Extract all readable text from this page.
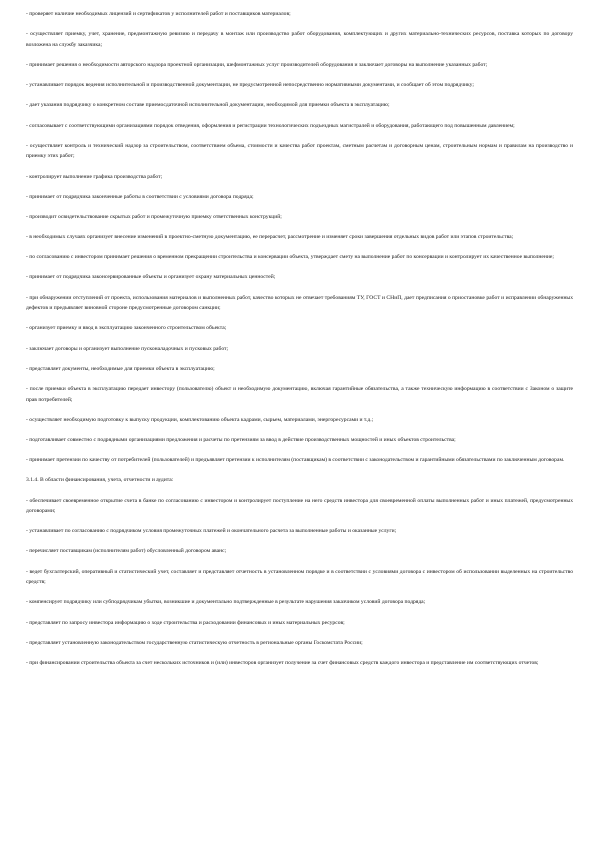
- проверяет наличие необходимых лицензий и сертификатов у исполнителей работ и поставщиков материалов;

- осуществляет приемку, учет, хранение, предмонтажную ревизию и передачу в монтаж или производство работ оборудования, комплектующих и других материально-технических ресурсов, поставка которых по договору возложена на службу заказчика;

- принимает решения о необходимости авторского надзора проектной организации, шефмонтажных услуг производителей оборудования и заключает договоры на выполнение указанных работ;

- устанавливает порядок ведения исполнительной и производственной документации, не предусмотренной непосредственно нормативными документами, и сообщает об этом подрядчику;

- дает указания подрядчику о конкретном составе приемосдаточной исполнительной документации, необходимой для приемки объекта в эксплуатацию;

- согласовывает с соответствующими организациями порядок отведения, оформления и регистрации технологических подъездных магистралей и оборудования, работающего под повышенным давлением;

- осуществляет контроль и технический надзор за строительством, соответствием объема, стоимости и качества работ проектам, сметным расчетам и договорным ценам, строительным нормам и правилам на производство и приемку этих работ;

- контролирует выполнение графика производства работ;

- принимает от подрядчика законченные работы в соответствии с условиями договора подряда;

- производит освидетельствование скрытых работ и промежуточную приемку ответственных конструкций;

- в необходимых случаях организует внесение изменений в проектно-сметную документацию, ее перерасчет, рассмотрение и изменяет сроки завершения отдельных видов работ или этапов строительства;

- по согласованию с инвестором принимает решения о временном прекращении строительства и консервации объекта, утверждает смету на выполнение работ по консервации и контролирует их качественное выполнение;

- принимает от подрядчика законсервированные объекты и организует охрану материальных ценностей;

- при обнаружении отступлений от проекта, использования материалов и выполненных работ, качество которых не отвечает требованиям ТУ, ГОСТ и СНиП, дает предписания о приостановке работ и исправлении обнаруженных дефектов и предъявляет виновной стороне предусмотренные договором санкции;

- организует приемку и ввод в эксплуатацию законченного строительством объекта;

- заключает договоры и организует выполнение пусконаладочных и пусковых работ;

- представляет документы, необходимые для приемки объекта в эксплуатацию;

- после приемки объекта в эксплуатацию передает инвестору (пользователю) объект и необходимую документацию, включая гарантийные обязательства, а также техническую информацию в соответствии с Законом о защите прав потребителей;

- осуществляет необходимую подготовку к выпуску продукции, комплектованию объекта кадрами, сырьем, материалами, энергоресурсами и т.д.;

- подготавливает совместно с подрядными организациями предложения и расчеты по претензиям за ввод в действие производственных мощностей и иных объектов строительства;

- принимает претензии по качеству от потребителей (пользователей) и предъявляет претензии к исполнителям (поставщикам) в соответствии с законодательством и гарантийными обязательствами по заключенным договорам.

3.1.4. В области финансирования, учета, отчетности и аудита:

- обеспечивает своевременное открытие счета в банке по согласованию с инвестором и контролирует поступление на него средств инвестора для своевременной оплаты выполненных работ и иных платежей, предусмотренных договорами;

- устанавливает по согласованию с подрядчиком условия промежуточных платежей и окончательного расчета за выполненные работы и оказанные услуги;

- перечисляет поставщикам (исполнителям работ) обусловленный договором аванс;

- ведет бухгалтерский, оперативный и статистический учет, составляет и представляет отчетность в установленном порядке и в соответствии с условиями договора с инвестором об использовании выделенных на строительство средств;

- компенсирует подрядчику или субподрядчикам убытки, возникшие и документально подтвержденные в результате нарушения заказчиком условий договора подряда;

- представляет по запросу инвестора информацию о ходе строительства и расходовании финансовых и иных материальных ресурсов;

- представляет установленную законодательством государственную статистическую отчетность в региональные органы Госкомстата России;

- при финансировании строительства объекта за счет нескольких источников и (или) инвесторов организует получение за счет финансовых средств каждого инвестора и представление им соответствующих отчетов;
